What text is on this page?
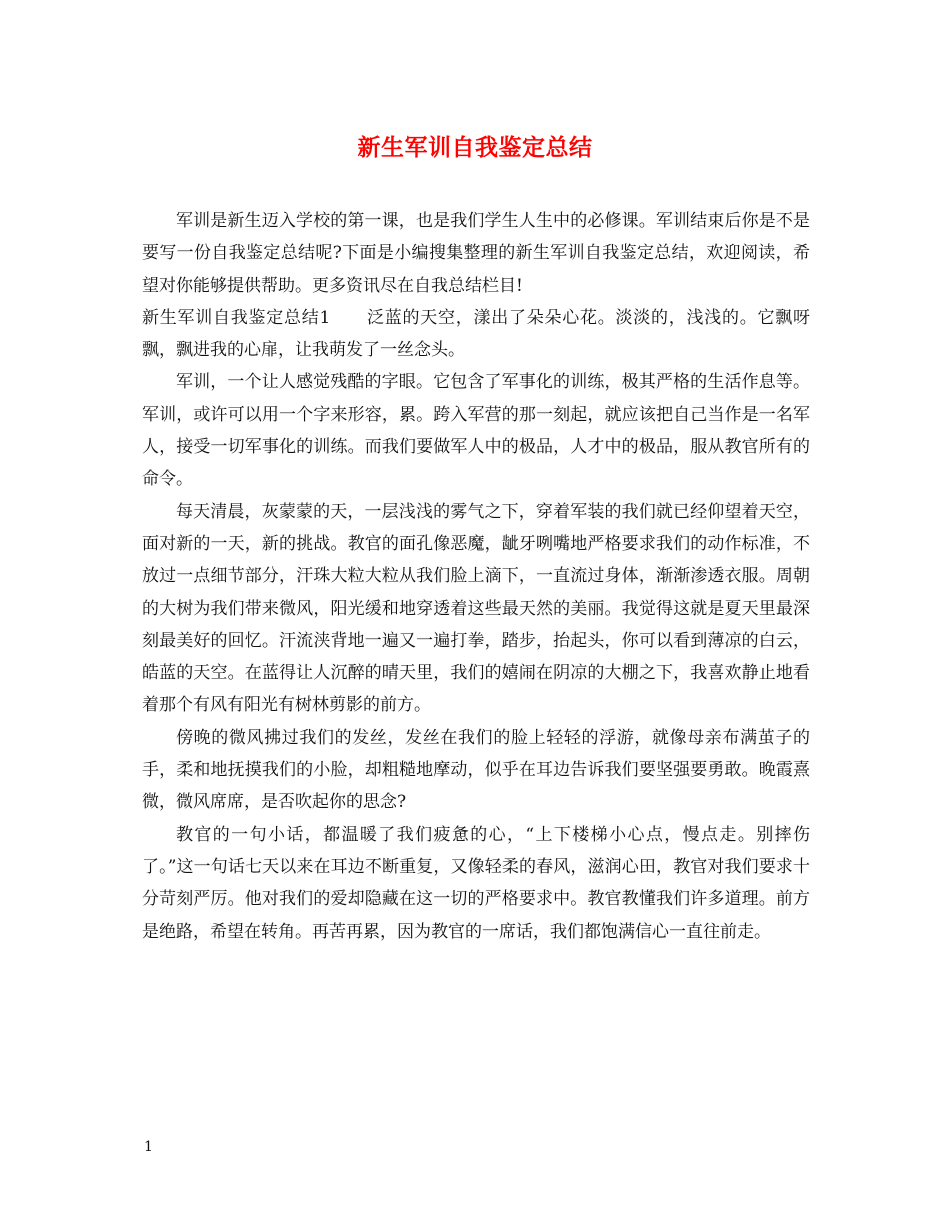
新生军训自我鉴定总结

军训是新生迈入学校的第一课，也是我们学生人生中的必修课。军训结束后你是不是要写一份自我鉴定总结呢?下面是小编搜集整理的新生军训自我鉴定总结，欢迎阅读，希望对你能够提供帮助。更多资讯尽在自我总结栏目!

新生军训自我鉴定总结1 泛蓝的天空，漾出了朵朵心花。淡淡的，浅浅的。它飘呀飘，飘进我的心扉，让我萌发了一丝念头。

军训，一个让人感觉残酷的字眼。它包含了军事化的训练，极其严格的生活作息等。军训，或许可以用一个字来形容，累。跨入军营的那一刻起，就应该把自己当作是一名军人，接受一切军事化的训练。而我们要做军人中的极品，人才中的极品，服从教官所有的命令。

每天清晨，灰蒙蒙的天，一层浅浅的雾气之下，穿着军装的我们就已经仰望着天空，面对新的一天，新的挑战。教官的面孔像恶魔，龇牙咧嘴地严格要求我们的动作标准，不放过一点细节部分，汗珠大粒大粒从我们脸上滴下，一直流过身体，渐渐渗透衣服。周朝的大树为我们带来微风，阳光缓和地穿透着这些最天然的美丽。我觉得这就是夏天里最深刻最美好的回忆。汗流浃背地一遍又一遍打拳，踏步，抬起头，你可以看到薄凉的白云，皓蓝的天空。在蓝得让人沉醉的晴天里，我们的嬉闹在阴凉的大棚之下，我喜欢静止地看着那个有风有阳光有树林剪影的前方。

傍晚的微风拂过我们的发丝，发丝在我们的脸上轻轻的浮游，就像母亲布满茧子的手，柔和地抚摸我们的小脸，却粗糙地摩动，似乎在耳边告诉我们要坚强要勇敢。晚霞熹微，微风席席，是否吹起你的思念?

教官的一句小话，都温暖了我们疲惫的心，“上下楼梯小心点，慢点走。别摔伤了。”这一句话七天以来在耳边不断重复，又像轻柔的春风，滋润心田，教官对我们要求十分苛刻严厉。他对我们的爱却隐藏在这一切的严格要求中。教官教懂我们许多道理。前方是绝路，希望在转角。再苦再累，因为教官的一席话，我们都饱满信心一直往前走。

1
